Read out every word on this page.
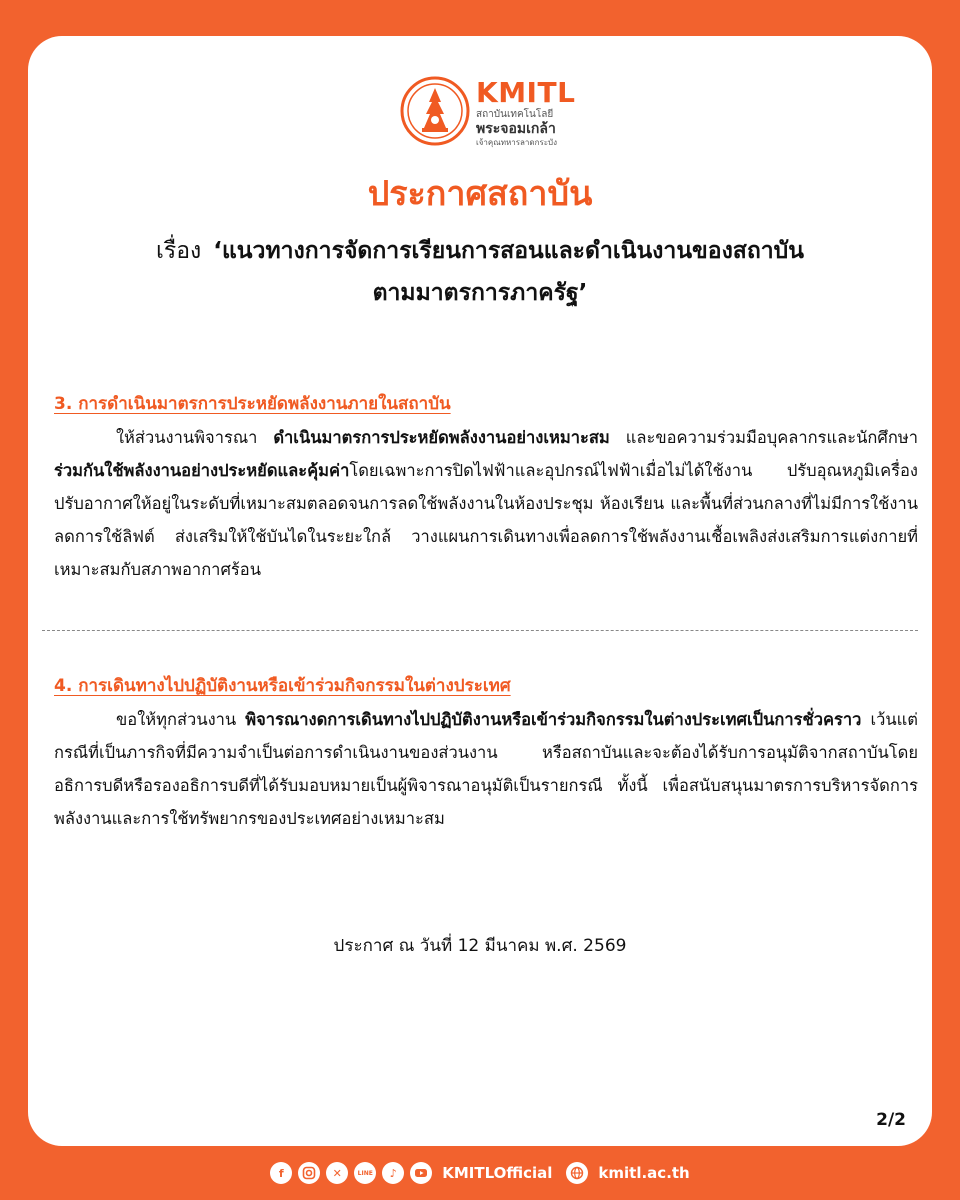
KMITL
สถาบันเทคโนโลยี
พระจอมเกล้า
เจ้าคุณทหารลาดกระบัง
ประกาศสถาบัน
เรื่อง ‘แนวทางการจัดการเรียนการสอนและดำเนินงานของสถาบัน
ตามมาตรการภาครัฐ’
3. การดำเนินมาตรการประหยัดพลังงานภายในสถาบัน

ให้ส่วนงานพิจารณา ดำเนินมาตรการประหยัดพลังงานอย่างเหมาะสม และขอความร่วมมือบุคลากรและนักศึกษาร่วมกันใช้พลังงานอย่างประหยัดและคุ้มค่าโดยเฉพาะการปิดไฟฟ้าและอุปกรณ์ไฟฟ้าเมื่อไม่ได้ใช้งาน ปรับอุณหภูมิเครื่องปรับอากาศให้อยู่ในระดับที่เหมาะสมตลอดจนการลดใช้พลังงานในห้องประชุม ห้องเรียน และพื้นที่ส่วนกลางที่ไม่มีการใช้งาน ลดการใช้ลิฟต์ ส่งเสริมให้ใช้บันไดในระยะใกล้ วางแผนการเดินทางเพื่อลดการใช้พลังงานเชื้อเพลิงส่งเสริมการแต่งกายที่เหมาะสมกับสภาพอากาศร้อน

4. การเดินทางไปปฏิบัติงานหรือเข้าร่วมกิจกรรมในต่างประเทศ

ขอให้ทุกส่วนงาน พิจารณางดการเดินทางไปปฏิบัติงานหรือเข้าร่วมกิจกรรมในต่างประเทศเป็นการชั่วคราว เว้นแต่กรณีที่เป็นภารกิจที่มีความจำเป็นต่อการดำเนินงานของส่วนงาน หรือสถาบันและจะต้องได้รับการอนุมัติจากสถาบันโดยอธิการบดีหรือรองอธิการบดีที่ได้รับมอบหมายเป็นผู้พิจารณาอนุมัติเป็นรายกรณี ทั้งนี้ เพื่อสนับสนุนมาตรการบริหารจัดการพลังงานและการใช้ทรัพยากรของประเทศอย่างเหมาะสม

ประกาศ ณ วันที่ 12 มีนาคม พ.ศ. 2569
2/2
f	✕	LINE	♪	KMITLOfficial	kmitl.ac.th
